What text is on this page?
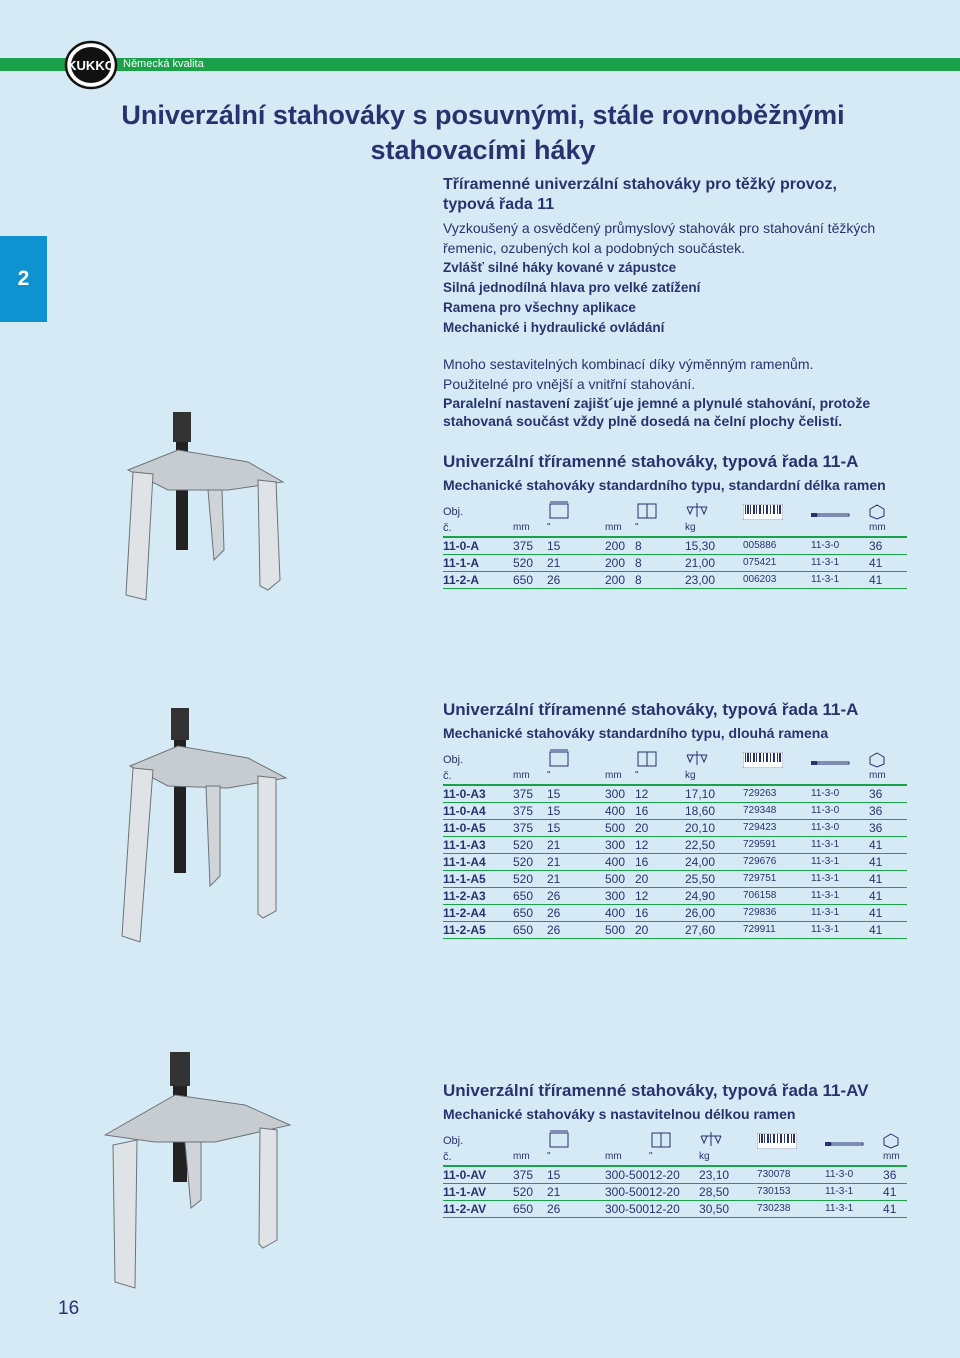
KUKKO Německá kvalita
2
Univerzální stahováky s posuvnými, stále rovnoběžnými
stahovacími háky
Tříramenné univerzální stahováky pro těžký provoz,
typová řada 11

Vyzkoušený a osvědčený průmyslový stahovák pro stahování těžkých

řemenic, ozubených kol a podobných součástek.

Zvlášť silné háky kované v zápustce

Silná jednodílná hlava pro velké zatížení

Ramena pro všechny aplikace

Mechanické i hydraulické ovládání

Mnoho sestavitelných kombinací díky výměnným ramenům.

Použitelné pro vnější a vnitřní stahování.

Paralelní nastavení zajišt´uje jemné a plynulé stahování, protože

stahovaná součást vždy plně dosedá na čelní plochy čelistí.

Univerzální tříramenné stahováky, typová řada 11-A
Mechanické stahováky standardního typu, standardní délka ramen
Obj.								
č.	mm	"	mm	"	kg			mm
11-0-A	375	15	200	8	15,30	005886	11-3-0	36
11-1-A	520	21	200	8	21,00	075421	11-3-1	41
11-2-A	650	26	200	8	23,00	006203	11-3-1	41
Univerzální tříramenné stahováky, typová řada 11-A
Mechanické stahováky standardního typu, dlouhá ramena
Obj.								
č.	mm	"	mm	"	kg			mm
11-0-A3	375	15	300	12	17,10	729263	11-3-0	36
11-0-A4	375	15	400	16	18,60	729348	11-3-0	36
11-0-A5	375	15	500	20	20,10	729423	11-3-0	36
11-1-A3	520	21	300	12	22,50	729591	11-3-1	41
11-1-A4	520	21	400	16	24,00	729676	11-3-1	41
11-1-A5	520	21	500	20	25,50	729751	11-3-1	41
11-2-A3	650	26	300	12	24,90	706158	11-3-1	41
11-2-A4	650	26	400	16	26,00	729836	11-3-1	41
11-2-A5	650	26	500	20	27,60	729911	11-3-1	41
Univerzální tříramenné stahováky, typová řada 11-AV
Mechanické stahováky s nastavitelnou délkou ramen
Obj.								
č.	mm	"	mm	"	kg			mm
11-0-AV	375	15	300-500	12-20	23,10	730078	11-3-0	36
11-1-AV	520	21	300-500	12-20	28,50	730153	11-3-1	41
11-2-AV	650	26	300-500	12-20	30,50	730238	11-3-1	41
16
